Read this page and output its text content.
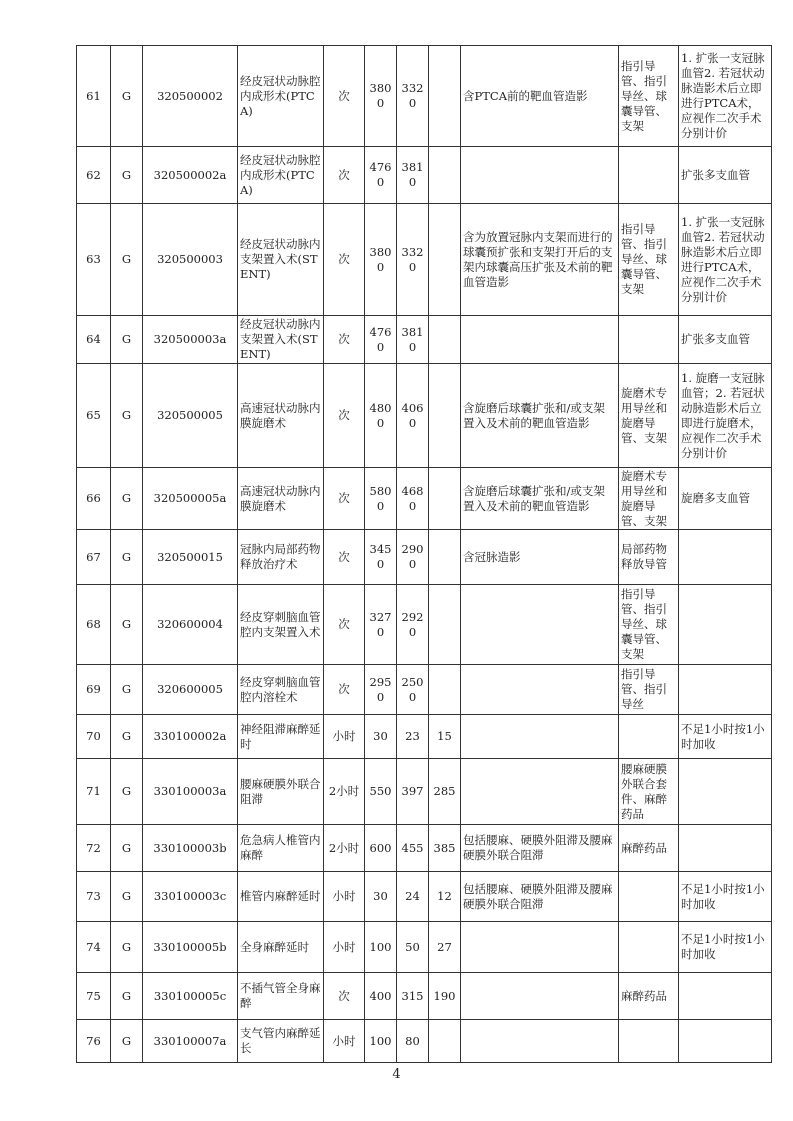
61	G	320500002	经皮冠状动脉腔内成形术(PTCA)	次	3800	3320		含PTCA前的靶血管造影	指引导管、指引导丝、球囊导管、支架	1. 扩张一支冠脉血管2. 若冠状动脉造影术后立即进行PTCA术，应视作二次手术分别计价
62	G	320500002a	经皮冠状动脉腔内成形术(PTCA)	次	4760	3810				扩张多支血管
63	G	320500003	经皮冠状动脉内支架置入术(STENT)	次	3800	3320		含为放置冠脉内支架而进行的球囊预扩张和支架打开后的支架内球囊高压扩张及术前的靶血管造影	指引导管、指引导丝、球囊导管、支架	1. 扩张一支冠脉血管2. 若冠状动脉造影术后立即进行PTCA术，应视作二次手术分别计价
64	G	320500003a	经皮冠状动脉内支架置入术(STENT)	次	4760	3810				扩张多支血管
65	G	320500005	高速冠状动脉内膜旋磨术	次	4800	4060		含旋磨后球囊扩张和/或支架置入及术前的靶血管造影	旋磨术专用导丝和旋磨导管、支架	1. 旋磨一支冠脉血管；2. 若冠状动脉造影术后立即进行旋磨术，应视作二次手术分别计价
66	G	320500005a	高速冠状动脉内膜旋磨术	次	5800	4680		含旋磨后球囊扩张和/或支架置入及术前的靶血管造影	旋磨术专用导丝和旋磨导管、支架	旋磨多支血管
67	G	320500015	冠脉内局部药物释放治疗术	次	3450	2900		含冠脉造影	局部药物释放导管	
68	G	320600004	经皮穿刺脑血管腔内支架置入术	次	3270	2920			指引导管、指引导丝、球囊导管、支架	
69	G	320600005	经皮穿刺脑血管腔内溶栓术	次	2950	2500			指引导管、指引导丝	
70	G	330100002a	神经阻滞麻醉延时	小时	30	23	15			不足1小时按1小时加收
71	G	330100003a	腰麻硬膜外联合阻滞	2小时	550	397	285		腰麻硬膜外联合套件、麻醉药品	
72	G	330100003b	危急病人椎管内麻醉	2小时	600	455	385	包括腰麻、硬膜外阻滞及腰麻硬膜外联合阻滞	麻醉药品	
73	G	330100003c	椎管内麻醉延时	小时	30	24	12	包括腰麻、硬膜外阻滞及腰麻硬膜外联合阻滞		不足1小时按1小时加收
74	G	330100005b	全身麻醉延时	小时	100	50	27			不足1小时按1小时加收
75	G	330100005c	不插气管全身麻醉	次	400	315	190		麻醉药品	
76	G	330100007a	支气管内麻醉延长	小时	100	80				
4
